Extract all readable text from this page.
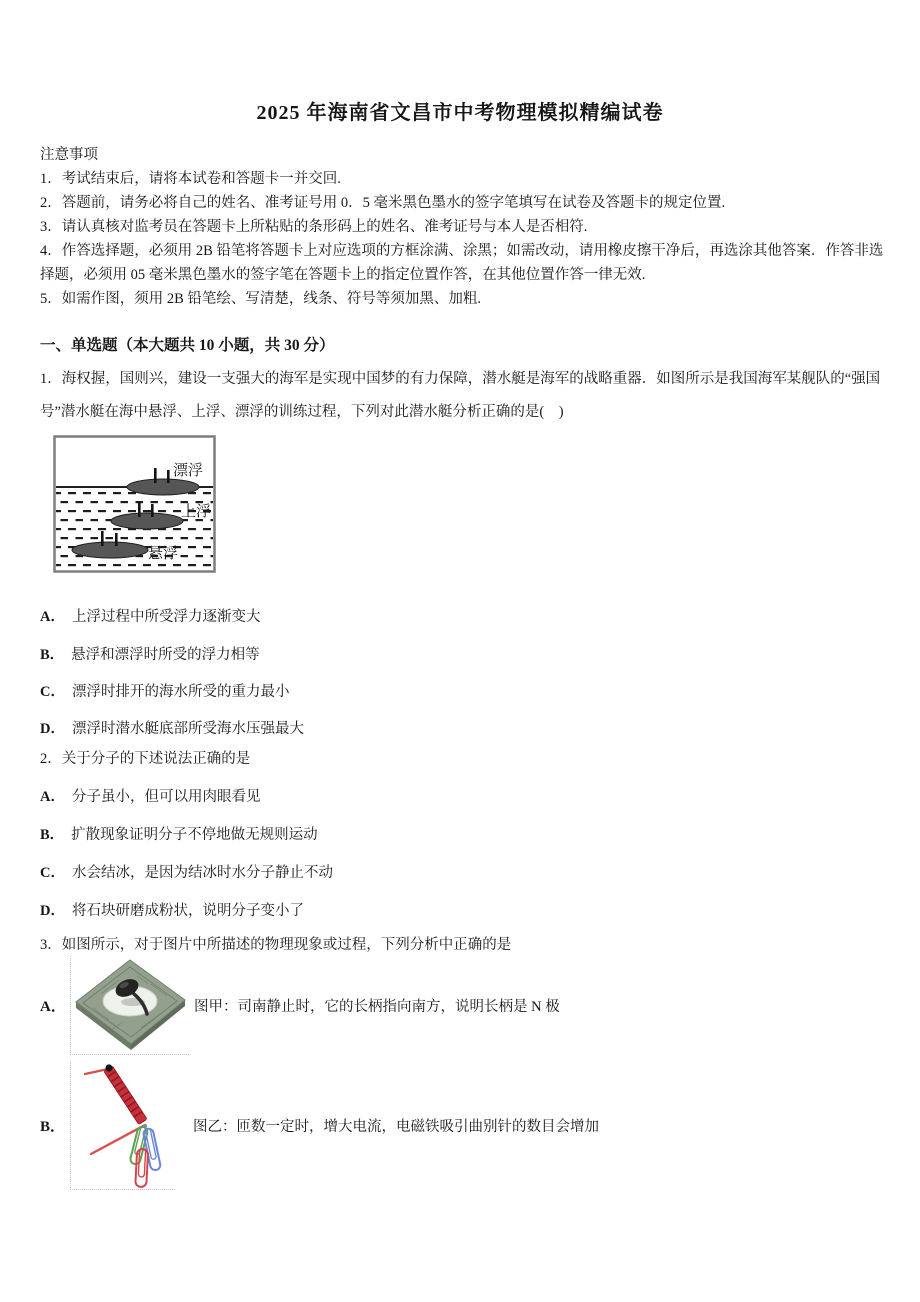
2025 年海南省文昌市中考物理模拟精编试卷
注意事项
1．考试结束后，请将本试卷和答题卡一并交回.
2．答题前，请务必将自己的姓名、准考证号用 0．5 毫米黑色墨水的签字笔填写在试卷及答题卡的规定位置.
3．请认真核对监考员在答题卡上所粘贴的条形码上的姓名、准考证号与本人是否相符.
4．作答选择题，必须用 2B 铅笔将答题卡上对应选项的方框涂满、涂黑；如需改动，请用橡皮擦干净后，再选涂其他答案．作答非选择题，必须用 05 毫米黑色墨水的签字笔在答题卡上的指定位置作答，在其他位置作答一律无效.
5．如需作图，须用 2B 铅笔绘、写清楚，线条、符号等须加黑、加粗.
一、单选题（本大题共 10 小题，共 30 分）
1．海权握，国则兴，建设一支强大的海军是实现中国梦的有力保障，潜水艇是海军的战略重器．如图所示是我国海军某舰队的“强国号”潜水艇在海中悬浮、上浮、漂浮的训练过程，下列对此潜水艇分析正确的是(　)
漂浮
上浮
悬浮
A． 上浮过程中所受浮力逐渐变大
B． 悬浮和漂浮时所受的浮力相等
C． 漂浮时排开的海水所受的重力最小
D． 漂浮时潜水艇底部所受海水压强最大
2．关于分子的下述说法正确的是
A． 分子虽小，但可以用肉眼看见
B． 扩散现象证明分子不停地做无规则运动
C． 水会结冰，是因为结冰时水分子静止不动
D． 将石块研磨成粉状，说明分子变小了
3．如图所示，对于图片中所描述的物理现象或过程，下列分析中正确的是
A．	图甲：司南静止时，它的长柄指向南方，说明长柄是 N 极
B．	图乙：匝数一定时，增大电流，电磁铁吸引曲别针的数目会增加
